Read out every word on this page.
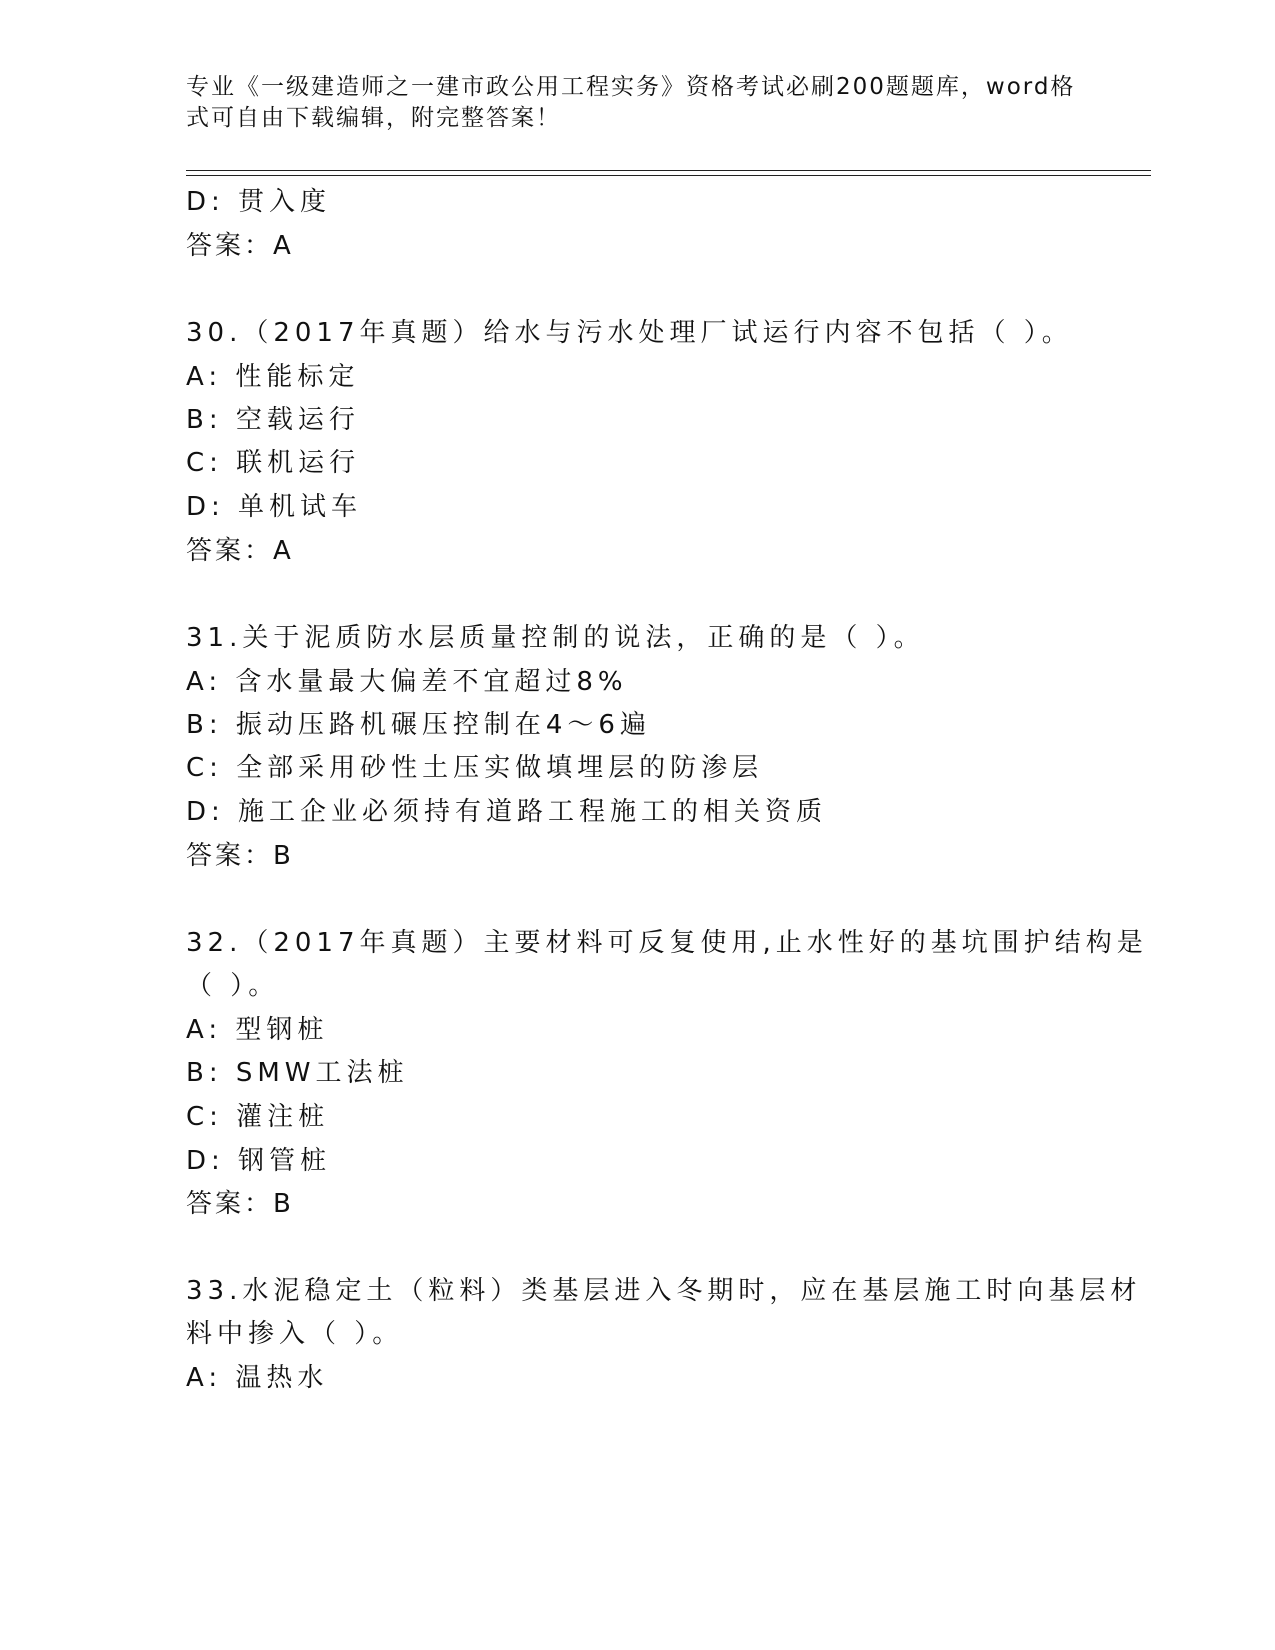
专业《一级建造师之一建市政公用工程实务》资格考试必刷200题题库，word格
式可自由下载编辑，附完整答案！
D: 贯入度
答案：A
30.（2017年真题）给水与污水处理厂试运行内容不包括（ ）。
A: 性能标定
B: 空载运行
C: 联机运行
D: 单机试车
答案：A
31.关于泥质防水层质量控制的说法，正确的是（ ）。
A: 含水量最大偏差不宜超过8%
B: 振动压路机碾压控制在4～6遍
C: 全部采用砂性土压实做填埋层的防渗层
D: 施工企业必须持有道路工程施工的相关资质
答案：B
32.（2017年真题）主要材料可反复使用,止水性好的基坑围护结构是
（ ）。
A: 型钢桩
B: SMW工法桩
C: 灌注桩
D: 钢管桩
答案：B
33.水泥稳定土（粒料）类基层进入冬期时，应在基层施工时向基层材
料中掺入（ ）。
A: 温热水
